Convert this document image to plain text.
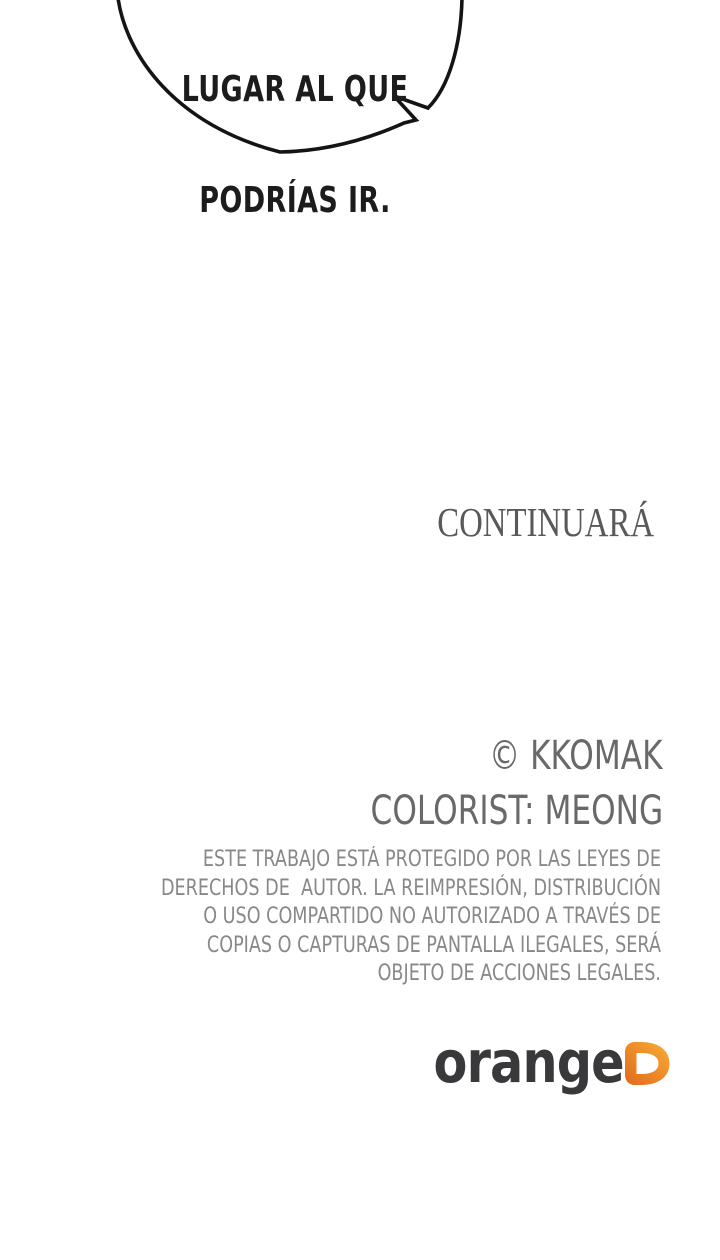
LUGAR AL QUE

PODRÍAS IR.

CONTINUARÁ
© KKOMAK
COLORIST: MEONG
ESTE TRABAJO ESTÁ PROTEGIDO POR LAS LEYES DE
DERECHOS DE  AUTOR. LA REIMPRESIÓN, DISTRIBUCIÓN
O USO COMPARTIDO NO AUTORIZADO A TRAVÉS DE
COPIAS O CAPTURAS DE PANTALLA ILEGALES, SERÁ
OBJETO DE ACCIONES LEGALES.
orange
